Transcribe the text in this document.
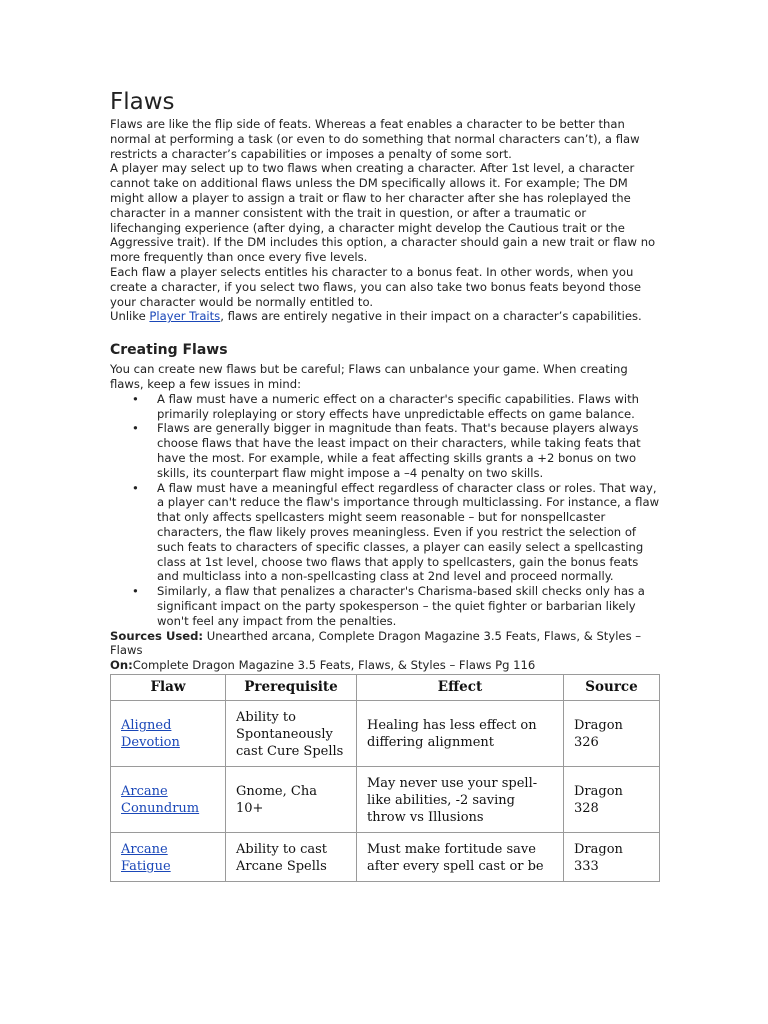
Flaws

Flaws are like the flip side of feats. Whereas a feat enables a character to be better than normal at performing a task (or even to do something that normal characters can’t), a flaw restricts a character’s capabilities or imposes a penalty of some sort.

A player may select up to two flaws when creating a character. After 1st level, a character cannot take on additional flaws unless the DM specifically allows it. For example; The DM might allow a player to assign a trait or flaw to her character after she has roleplayed the character in a manner consistent with the trait in question, or after a traumatic or lifechanging experience (after dying, a character might develop the Cautious trait or the Aggressive trait). If the DM includes this option, a character should gain a new trait or flaw no more frequently than once every five levels.

Each flaw a player selects entitles his character to a bonus feat. In other words, when you create a character, if you select two flaws, you can also take two bonus feats beyond those your character would be normally entitled to.

Unlike Player Traits, flaws are entirely negative in their impact on a character’s capabilities.

Creating Flaws

You can create new flaws but be careful; Flaws can unbalance your game. When creating flaws, keep a few issues in mind:

• A flaw must have a numeric effect on a character's specific capabilities. Flaws with primarily roleplaying or story effects have unpredictable effects on game balance.
• Flaws are generally bigger in magnitude than feats. That's because players always choose flaws that have the least impact on their characters, while taking feats that have the most. For example, while a feat affecting skills grants a +2 bonus on two skills, its counterpart flaw might impose a –4 penalty on two skills.
• A flaw must have a meaningful effect regardless of character class or roles. That way, a player can't reduce the flaw's importance through multiclassing. For instance, a flaw that only affects spellcasters might seem reasonable – but for nonspellcaster characters, the flaw likely proves meaningless. Even if you restrict the selection of such feats to characters of specific classes, a player can easily select a spellcasting class at 1st level, choose two flaws that apply to spellcasters, gain the bonus feats and multiclass into a non-spellcasting class at 2nd level and proceed normally.
• Similarly, a flaw that penalizes a character's Charisma-based skill checks only has a significant impact on the party spokesperson – the quiet fighter or barbarian likely won't feel any impact from the penalties.

Sources Used: Unearthed arcana, Complete Dragon Magazine 3.5 Feats, Flaws, & Styles – Flaws

On:Complete Dragon Magazine 3.5 Feats, Flaws, & Styles – Flaws Pg 116

Flaw	Prerequisite	Effect	Source
Aligned Devotion	Ability to Spontaneously cast Cure Spells	Healing has less effect on differing alignment	Dragon 326
Arcane Conundrum	Gnome, Cha 10+	May never use your spell-like abilities, -2 saving throw vs Illusions	Dragon 328
Arcane Fatigue	Ability to cast Arcane Spells	Must make fortitude save after every spell cast or be	Dragon 333
